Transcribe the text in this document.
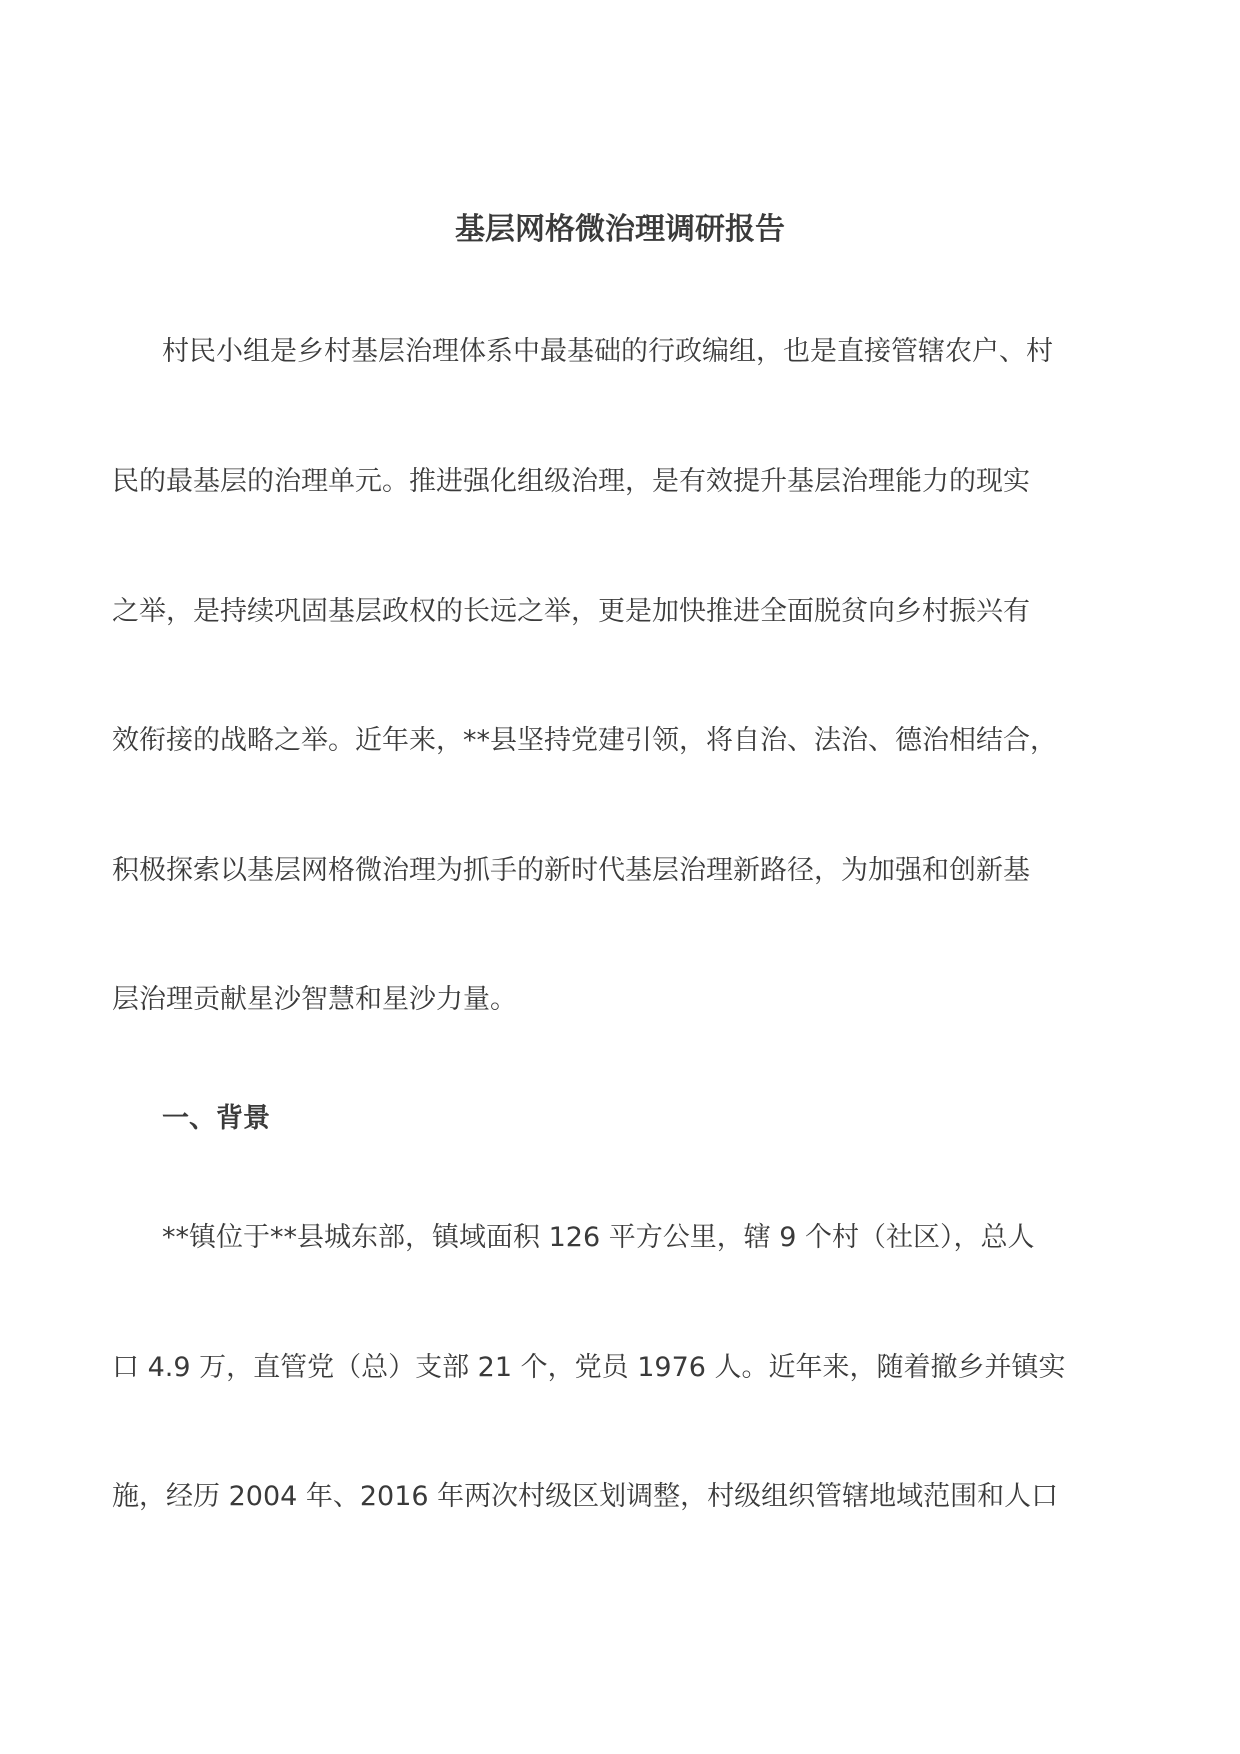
基层网格微治理调研报告
村民小组是乡村基层治理体系中最基础的行政编组，也是直接管辖农户、村
民的最基层的治理单元。推进强化组级治理，是有效提升基层治理能力的现实
之举，是持续巩固基层政权的长远之举，更是加快推进全面脱贫向乡村振兴有
效衔接的战略之举。近年来，**县坚持党建引领，将自治、法治、德治相结合，
积极探索以基层网格微治理为抓手的新时代基层治理新路径，为加强和创新基
层治理贡献星沙智慧和星沙力量。
一、背景
**镇位于**县城东部，镇域面积 126 平方公里，辖 9 个村（社区），总人
口 4.9 万，直管党（总）支部 21 个，党员 1976 人。近年来，随着撤乡并镇实
施，经历 2004 年、2016 年两次村级区划调整，村级组织管辖地域范围和人口
